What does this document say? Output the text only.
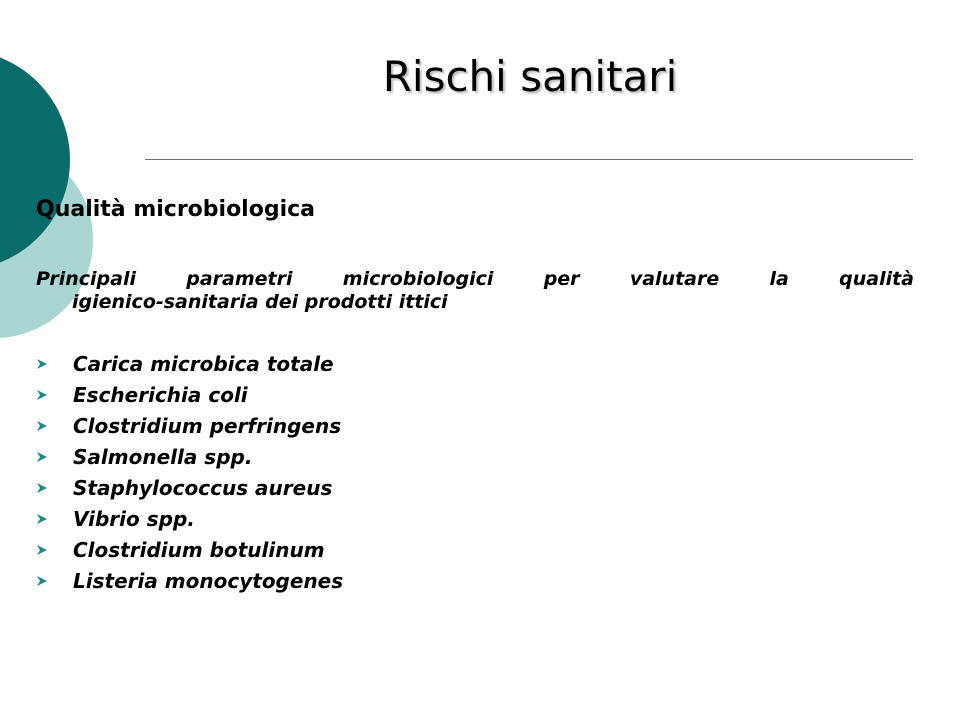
Rischi sanitari
Qualità microbiologica

Principali parametri microbiologici per valutare la qualità
igienico-sanitaria dei prodotti ittici

Carica microbica totale
Escherichia coli
Clostridium perfringens
Salmonella spp.
Staphylococcus aureus
Vibrio spp.
Clostridium botulinum
Listeria monocytogenes
